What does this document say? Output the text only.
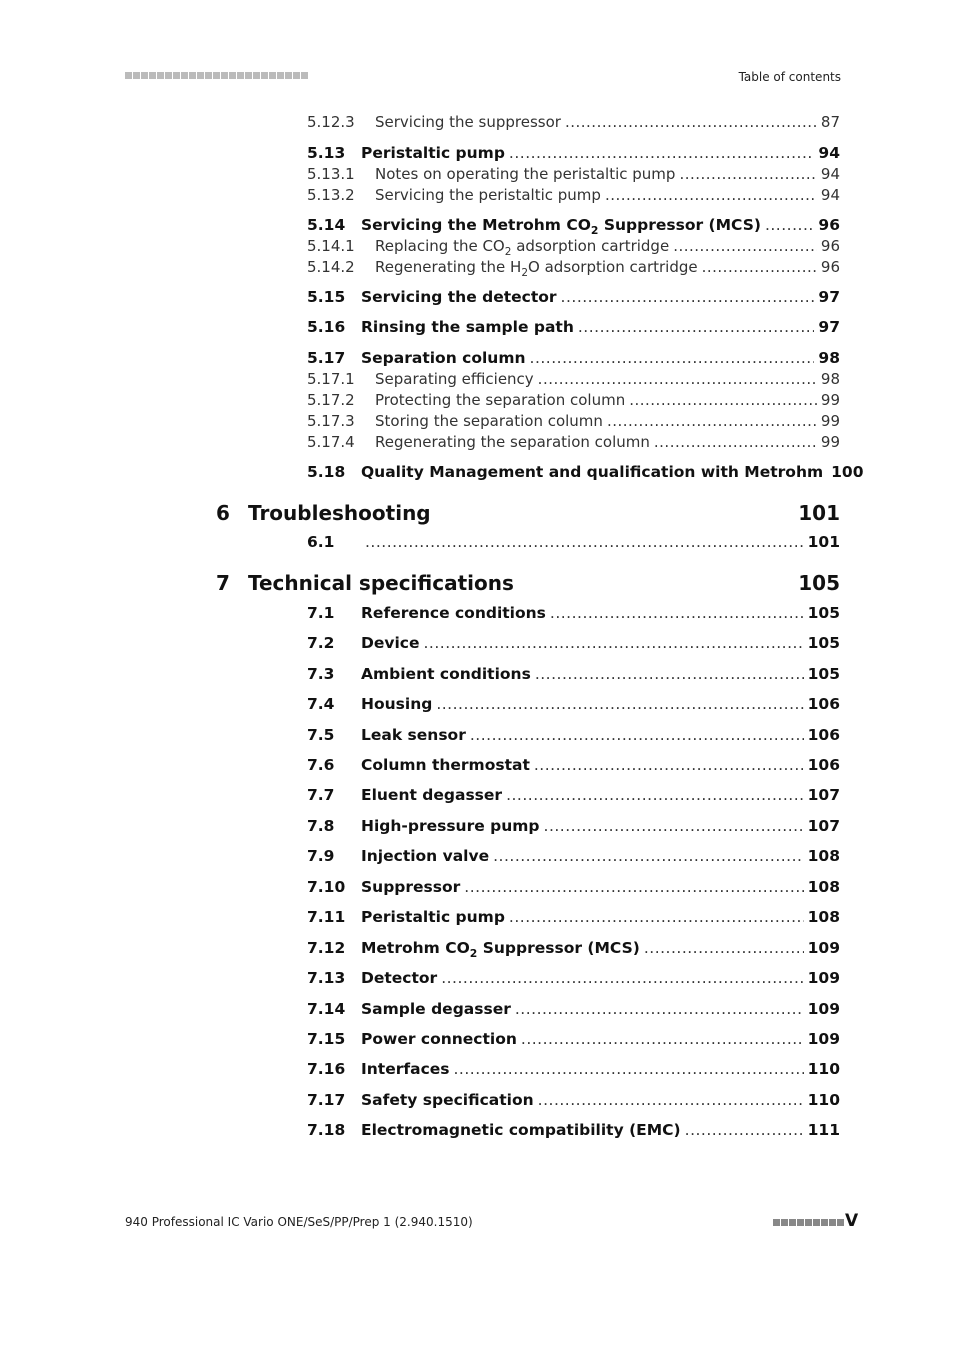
Table of contents
5.12.3	Servicing the suppressor .....	87
5.13	Peristaltic pump .....	94
5.13.1	Notes on operating the peristaltic pump .....	94
5.13.2	Servicing the peristaltic pump .....	94
5.14	Servicing the Metrohm $CO_2$ Suppressor (MCS) .....	96
5.14.1	Replacing the $CO_2$ adsorption cartridge .....	96
5.14.2	Regenerating the $H_2O$ adsorption cartridge .....	96
5.15	Servicing the detector .....	97
5.16	Rinsing the sample path .....	97
5.17	Separation column .....	98
5.17.1	Separating efficiency .....	98
5.17.2	Protecting the separation column .....	99
5.17.3	Storing the separation column .....	99
5.17.4	Regenerating the separation column .....	99
5.18	Quality Management and qualification with Metrohm 100
6 Troubleshooting	101
6.1 .....	101
7 Technical specifications	105
7.1	Reference conditions .....	105
7.2	Device .....	105
7.3	Ambient conditions .....	105
7.4	Housing .....	106
7.5	Leak sensor .....	106
7.6	Column thermostat .....	106
7.7	Eluent degasser .....	107
7.8	High-pressure pump .....	107
7.9	Injection valve .....	108
7.10	Suppressor .....	108
7.11	Peristaltic pump .....	108
7.12	Metrohm $CO_2$ Suppressor (MCS) .....	109
7.13	Detector .....	109
7.14	Sample degasser .....	109
7.15	Power connection .....	109
7.16	Interfaces .....	110
7.17	Safety specification .....	110
7.18	Electromagnetic compatibility (EMC) .....	111
940 Professional IC Vario ONE/SeS/PP/Prep 1 (2.940.1510)	V
